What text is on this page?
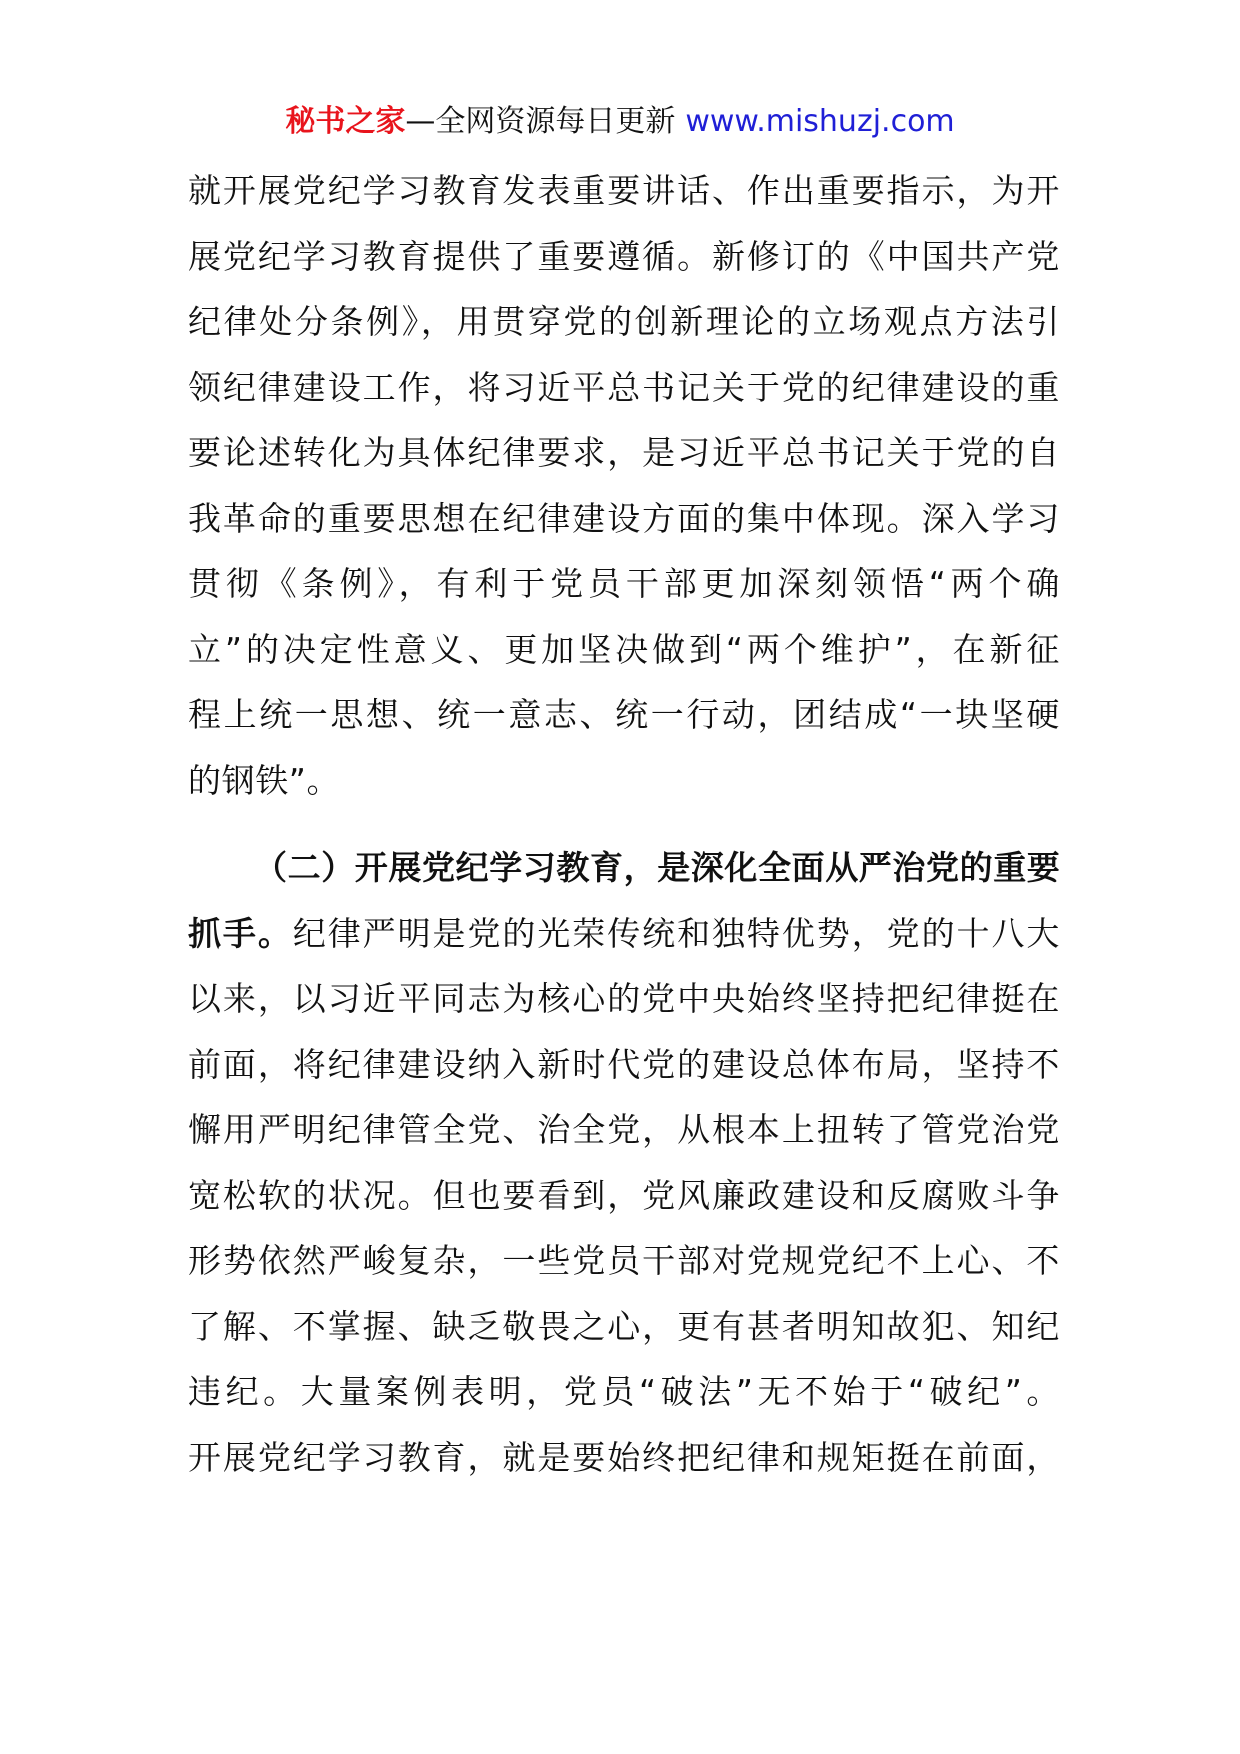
秘书之家—全网资源每日更新 www.mishuzj.com
就开展党纪学习教育发表重要讲话、作出重要指示，为开
展党纪学习教育提供了重要遵循。新修订的《中国共产党
纪律处分条例》，用贯穿党的创新理论的立场观点方法引
领纪律建设工作，将习近平总书记关于党的纪律建设的重
要论述转化为具体纪律要求，是习近平总书记关于党的自
我革命的重要思想在纪律建设方面的集中体现。深入学习
贯彻《条例》，有利于党员干部更加深刻领悟“两个确
立”的决定性意义、更加坚决做到“两个维护”，在新征
程上统一思想、统一意志、统一行动，团结成“一块坚硬
的钢铁”。
（二）开展党纪学习教育，是深化全面从严治党的重要
抓手。纪律严明是党的光荣传统和独特优势，党的十八大
以来，以习近平同志为核心的党中央始终坚持把纪律挺在
前面，将纪律建设纳入新时代党的建设总体布局，坚持不
懈用严明纪律管全党、治全党，从根本上扭转了管党治党
宽松软的状况。但也要看到，党风廉政建设和反腐败斗争
形势依然严峻复杂，一些党员干部对党规党纪不上心、不
了解、不掌握、缺乏敬畏之心，更有甚者明知故犯、知纪
违纪。大量案例表明，党员“破法”无不始于“破纪”。
开展党纪学习教育，就是要始终把纪律和规矩挺在前面，
